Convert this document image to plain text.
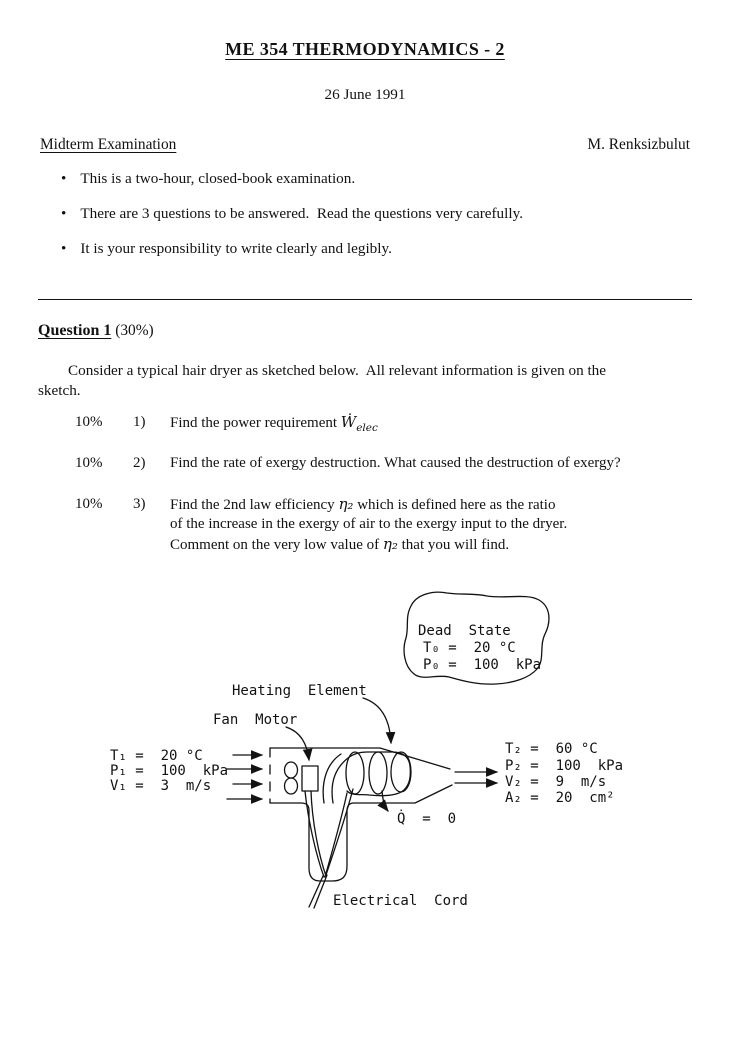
ME 354 THERMODYNAMICS - 2
26 June 1991
Midterm Examination	M. Renksizbulut
• This is a two-hour, closed-book examination.
• There are 3 questions to be answered.  Read the questions very carefully.
• It is your responsibility to write clearly and legibly.
Question 1 (30%)
Consider a typical hair dryer as sketched below.  All relevant information is given on the
sketch.
10%	1)	Find the power requirement Ẇ$_{elec}$
10%	2)	Find the rate of exergy destruction. What caused the destruction of exergy?
10%	3)	Find the 2nd law efficiency η₂ which is defined here as the ratio
of the increase in the exergy of air to the exergy input to the dryer.
Comment on the very low value of η₂ that you will find.
Dead  State
T₀ =  20 °C
P₀ =  100  kPa
Heating  Element
Fan  Motor
T₁ =  20 °C
P₁ =  100  kPa
V₁ =  3  m/s
T₂ =  60 °C
P₂ =  100  kPa
V₂ =  9  m/s
A₂ =  20  cm²
Q̇  =  0
Electrical  Cord
